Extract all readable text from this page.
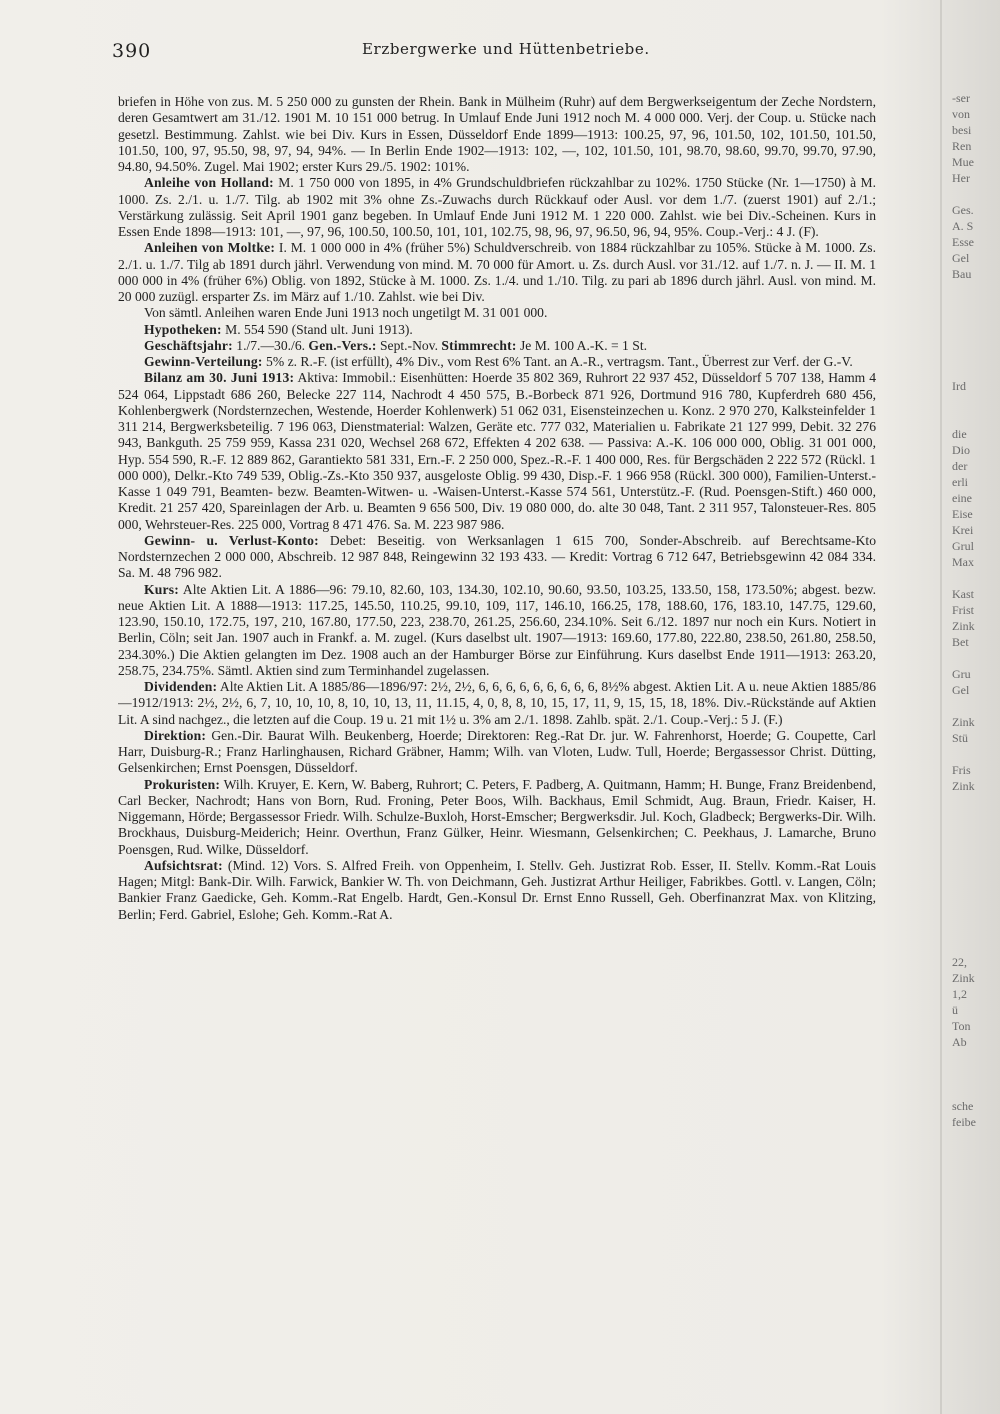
390	Erzbergwerke und Hüttenbetriebe.

briefen in Höhe von zus. M. 5 250 000 zu gunsten der Rhein. Bank in Mülheim (Ruhr) auf dem Bergwerkseigentum der Zeche Nordstern, deren Gesamtwert am 31./12. 1901 M. 10 151 000 betrug. In Umlauf Ende Juni 1912 noch M. 4 000 000. Verj. der Coup. u. Stücke nach gesetzl. Bestimmung. Zahlst. wie bei Div. Kurs in Essen, Düsseldorf Ende 1899—1913: 100.25, 97, 96, 101.50, 102, 101.50, 101.50, 101.50, 100, 97, 95.50, 98, 97, 94, 94%. — In Berlin Ende 1902—1913: 102, —, 102, 101.50, 101, 98.70, 98.60, 99.70, 99.70, 97.90, 94.80, 94.50%. Zugel. Mai 1902; erster Kurs 29./5. 1902: 101%.

Anleihe von Holland: M. 1 750 000 von 1895, in 4% Grundschuldbriefen rückzahlbar zu 102%. 1750 Stücke (Nr. 1—1750) à M. 1000. Zs. 2./1. u. 1./7. Tilg. ab 1902 mit 3% ohne Zs.-Zuwachs durch Rückkauf oder Ausl. vor dem 1./7. (zuerst 1901) auf 2./1.; Verstärkung zulässig. Seit April 1901 ganz begeben. In Umlauf Ende Juni 1912 M. 1 220 000. Zahlst. wie bei Div.-Scheinen. Kurs in Essen Ende 1898—1913: 101, —, 97, 96, 100.50, 100.50, 101, 101, 102.75, 98, 96, 97, 96.50, 96, 94, 95%. Coup.-Verj.: 4 J. (F).

Anleihen von Moltke: I. M. 1 000 000 in 4% (früher 5%) Schuldverschreib. von 1884 rückzahlbar zu 105%. Stücke à M. 1000. Zs. 2./1. u. 1./7. Tilg ab 1891 durch jährl. Verwendung von mind. M. 70 000 für Amort. u. Zs. durch Ausl. vor 31./12. auf 1./7. n. J. — II. M. 1 000 000 in 4% (früher 6%) Oblig. von 1892, Stücke à M. 1000. Zs. 1./4. und 1./10. Tilg. zu pari ab 1896 durch jährl. Ausl. von mind. M. 20 000 zuzügl. ersparter Zs. im März auf 1./10. Zahlst. wie bei Div.

Von sämtl. Anleihen waren Ende Juni 1913 noch ungetilgt M. 31 001 000.

Hypotheken: M. 554 590 (Stand ult. Juni 1913).

Geschäftsjahr: 1./7.—30./6. Gen.-Vers.: Sept.-Nov. Stimmrecht: Je M. 100 A.-K. = 1 St.

Gewinn-Verteilung: 5% z. R.-F. (ist erfüllt), 4% Div., vom Rest 6% Tant. an A.-R., vertragsm. Tant., Überrest zur Verf. der G.-V.

Bilanz am 30. Juni 1913: Aktiva: Immobil.: Eisenhütten: Hoerde 35 802 369, Ruhrort 22 937 452, Düsseldorf 5 707 138, Hamm 4 524 064, Lippstadt 686 260, Belecke 227 114, Nachrodt 4 450 575, B.-Borbeck 871 926, Dortmund 916 780, Kupferdreh 680 456, Kohlenbergwerk (Nordsternzechen, Westende, Hoerder Kohlenwerk) 51 062 031, Eisensteinzechen u. Konz. 2 970 270, Kalksteinfelder 1 311 214, Bergwerksbeteilig. 7 196 063, Dienstmaterial: Walzen, Geräte etc. 777 032, Materialien u. Fabrikate 21 127 999, Debit. 32 276 943, Bankguth. 25 759 959, Kassa 231 020, Wechsel 268 672, Effekten 4 202 638. — Passiva: A.-K. 106 000 000, Oblig. 31 001 000, Hyp. 554 590, R.-F. 12 889 862, Garantiekto 581 331, Ern.-F. 2 250 000, Spez.-R.-F. 1 400 000, Res. für Bergschäden 2 222 572 (Rückl. 1 000 000), Delkr.-Kto 749 539, Oblig.-Zs.-Kto 350 937, ausgeloste Oblig. 99 430, Disp.-F. 1 966 958 (Rückl. 300 000), Familien-Unterst.-Kasse 1 049 791, Beamten- bezw. Beamten-Witwen- u. -Waisen-Unterst.-Kasse 574 561, Unterstütz.-F. (Rud. Poensgen-Stift.) 460 000, Kredit. 21 257 420, Spareinlagen der Arb. u. Beamten 9 656 500, Div. 19 080 000, do. alte 30 048, Tant. 2 311 957, Talonsteuer-Res. 805 000, Wehrsteuer-Res. 225 000, Vortrag 8 471 476. Sa. M. 223 987 986.

Gewinn- u. Verlust-Konto: Debet: Beseitig. von Werksanlagen 1 615 700, Sonder-Abschreib. auf Berechtsame-Kto Nordsternzechen 2 000 000, Abschreib. 12 987 848, Reingewinn 32 193 433. — Kredit: Vortrag 6 712 647, Betriebsgewinn 42 084 334. Sa. M. 48 796 982.

Kurs: Alte Aktien Lit. A 1886—96: 79.10, 82.60, 103, 134.30, 102.10, 90.60, 93.50, 103.25, 133.50, 158, 173.50%; abgest. bezw. neue Aktien Lit. A 1888—1913: 117.25, 145.50, 110.25, 99.10, 109, 117, 146.10, 166.25, 178, 188.60, 176, 183.10, 147.75, 129.60, 123.90, 150.10, 172.75, 197, 210, 167.80, 177.50, 223, 238.70, 261.25, 256.60, 234.10%. Seit 6./12. 1897 nur noch ein Kurs. Notiert in Berlin, Cöln; seit Jan. 1907 auch in Frankf. a. M. zugel. (Kurs daselbst ult. 1907—1913: 169.60, 177.80, 222.80, 238.50, 261.80, 258.50, 234.30%.) Die Aktien gelangten im Dez. 1908 auch an der Hamburger Börse zur Einführung. Kurs daselbst Ende 1911—1913: 263.20, 258.75, 234.75%. Sämtl. Aktien sind zum Terminhandel zugelassen.

Dividenden: Alte Aktien Lit. A 1885/86—1896/97: 2½, 2½, 6, 6, 6, 6, 6, 6, 6, 6, 6, 8½% abgest. Aktien Lit. A u. neue Aktien 1885/86—1912/1913: 2½, 2½, 6, 7, 10, 10, 10, 8, 10, 10, 13, 11, 11.15, 4, 0, 8, 8, 10, 15, 17, 11, 9, 15, 15, 18, 18%. Div.-Rückstände auf Aktien Lit. A sind nachgez., die letzten auf die Coup. 19 u. 21 mit 1½ u. 3% am 2./1. 1898. Zahlb. spät. 2./1. Coup.-Verj.: 5 J. (F.)

Direktion: Gen.-Dir. Baurat Wilh. Beukenberg, Hoerde; Direktoren: Reg.-Rat Dr. jur. W. Fahrenhorst, Hoerde; G. Coupette, Carl Harr, Duisburg-R.; Franz Harlinghausen, Richard Gräbner, Hamm; Wilh. van Vloten, Ludw. Tull, Hoerde; Bergassessor Christ. Dütting, Gelsenkirchen; Ernst Poensgen, Düsseldorf.

Prokuristen: Wilh. Kruyer, E. Kern, W. Baberg, Ruhrort; C. Peters, F. Padberg, A. Quitmann, Hamm; H. Bunge, Franz Breidenbend, Carl Becker, Nachrodt; Hans von Born, Rud. Froning, Peter Boos, Wilh. Backhaus, Emil Schmidt, Aug. Braun, Friedr. Kaiser, H. Niggemann, Hörde; Bergassessor Friedr. Wilh. Schulze-Buxloh, Horst-Emscher; Bergwerksdir. Jul. Koch, Gladbeck; Bergwerks-Dir. Wilh. Brockhaus, Duisburg-Meiderich; Heinr. Overthun, Franz Gülker, Heinr. Wiesmann, Gelsenkirchen; C. Peekhaus, J. Lamarche, Bruno Poensgen, Rud. Wilke, Düsseldorf.

Aufsichtsrat: (Mind. 12) Vors. S. Alfred Freih. von Oppenheim, I. Stellv. Geh. Justizrat Rob. Esser, II. Stellv. Komm.-Rat Louis Hagen; Mitgl: Bank-Dir. Wilh. Farwick, Bankier W. Th. von Deichmann, Geh. Justizrat Arthur Heiliger, Fabrikbes. Gottl. v. Langen, Cöln; Bankier Franz Gaedicke, Geh. Komm.-Rat Engelb. Hardt, Gen.-Konsul Dr. Ernst Enno Russell, Geh. Oberfinanzrat Max. von Klitzing, Berlin; Ferd. Gabriel, Eslohe; Geh. Komm.-Rat A.

-ser
von
besi
Ren
Mue
Her

Ges.
A. S
Esse
Gel
Bau

Ird

die
Dio
der
erli
eine
Eise
Krei
Grul
Max

Kast
Frist
Zink
Bet

Gru
Gel

Zink
Stü

Fris
Zink

22,
Zink
1,2
ü
Ton
Ab

sche
feibe
